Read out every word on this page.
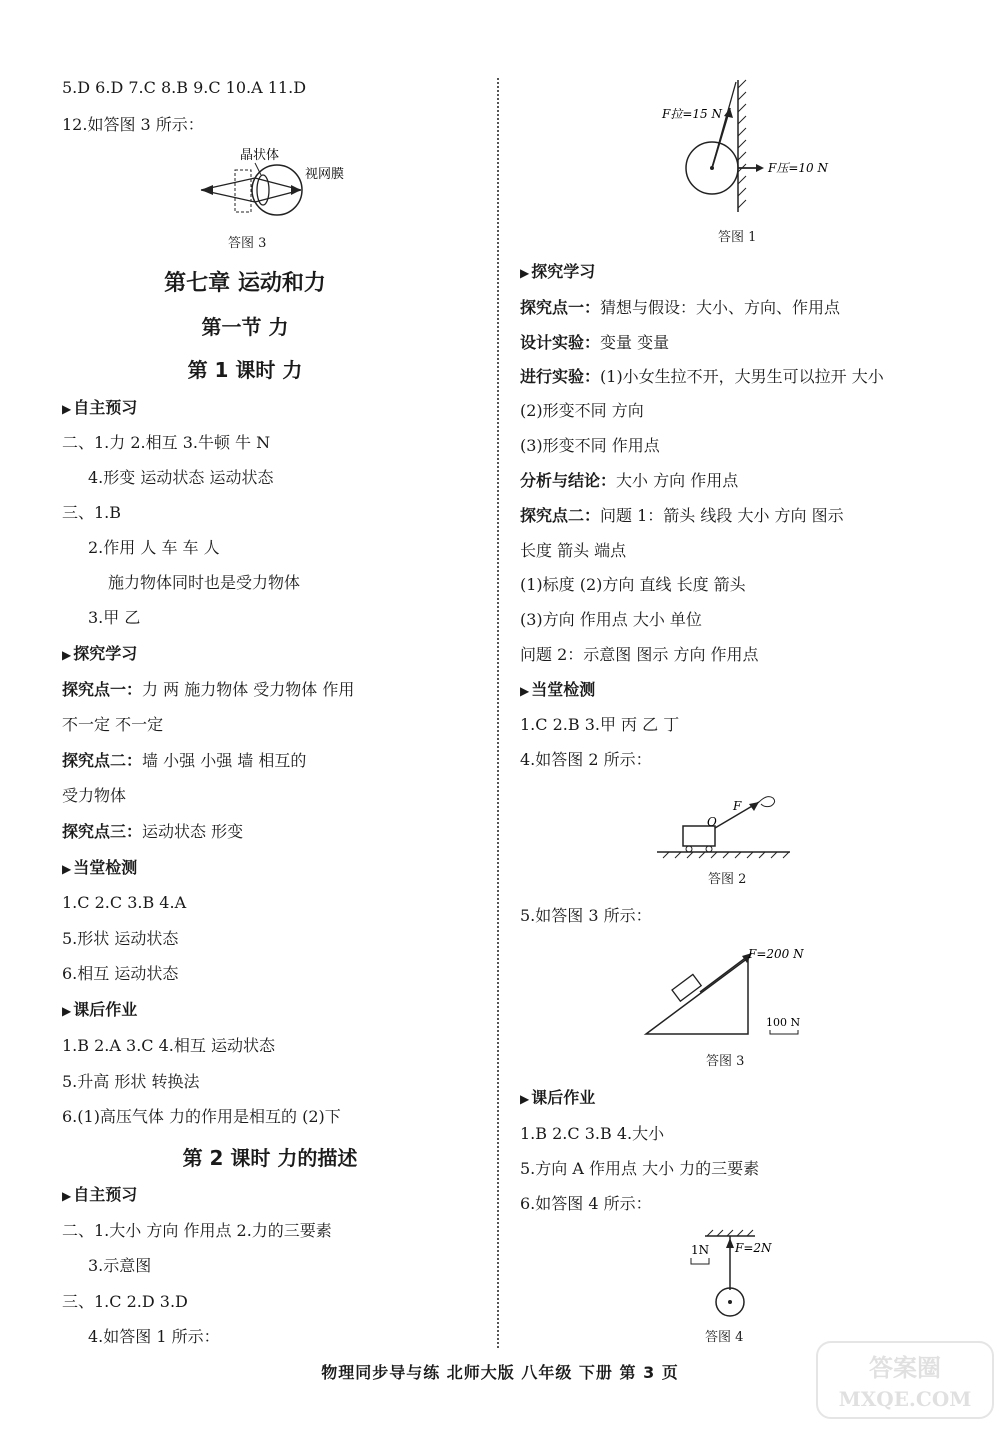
5.D 6.D 7.C 8.B 9.C 10.A 11.D
12.如答图 3 所示：
晶状体
视网膜
答图 3
第七章 运动和力
第一节 力
第 1 课时 力
▶ 自主预习
二、1.力 2.相互 3.牛顿 牛 N
4.形变 运动状态 运动状态
三、1.B
2.作用 人 车 车 人
施力物体同时也是受力物体
3.甲 乙
▶ 探究学习
探究点一：力 两 施力物体 受力物体 作用
不一定 不一定
探究点二：墙 小强 小强 墙 相互的
受力物体
探究点三：运动状态 形变
▶ 当堂检测
1.C 2.C 3.B 4.A
5.形状 运动状态
6.相互 运动状态
▶ 课后作业
1.B 2.A 3.C 4.相互 运动状态
5.升高 形状 转换法
6.(1)高压气体 力的作用是相互的 (2)下
第 2 课时 力的描述
▶ 自主预习
二、1.大小 方向 作用点 2.力的三要素
3.示意图
三、1.C 2.D 3.D
4.如答图 1 所示：
F拉=15 N
F压=10 N
答图 1
▶ 探究学习
探究点一：猜想与假设：大小、方向、作用点
设计实验：变量 变量
进行实验：(1)小女生拉不开，大男生可以拉开 大小
(2)形变不同 方向
(3)形变不同 作用点
分析与结论：大小 方向 作用点
探究点二：问题 1：箭头 线段 大小 方向 图示
长度 箭头 端点
(1)标度 (2)方向 直线 长度 箭头
(3)方向 作用点 大小 单位
问题 2：示意图 图示 方向 作用点
▶ 当堂检测
1.C 2.B 3.甲 丙 乙 丁
4.如答图 2 所示：
O
F
答图 2
5.如答图 3 所示：
F=200 N
100 N
答图 3
▶ 课后作业
1.B 2.C 3.B 4.大小
5.方向 A 作用点 大小 力的三要素
6.如答图 4 所示：
1N F=2N
答图 4
物理同步导与练 北师大版 八年级 下册 第 3 页	答案圈
MXQE.COM
